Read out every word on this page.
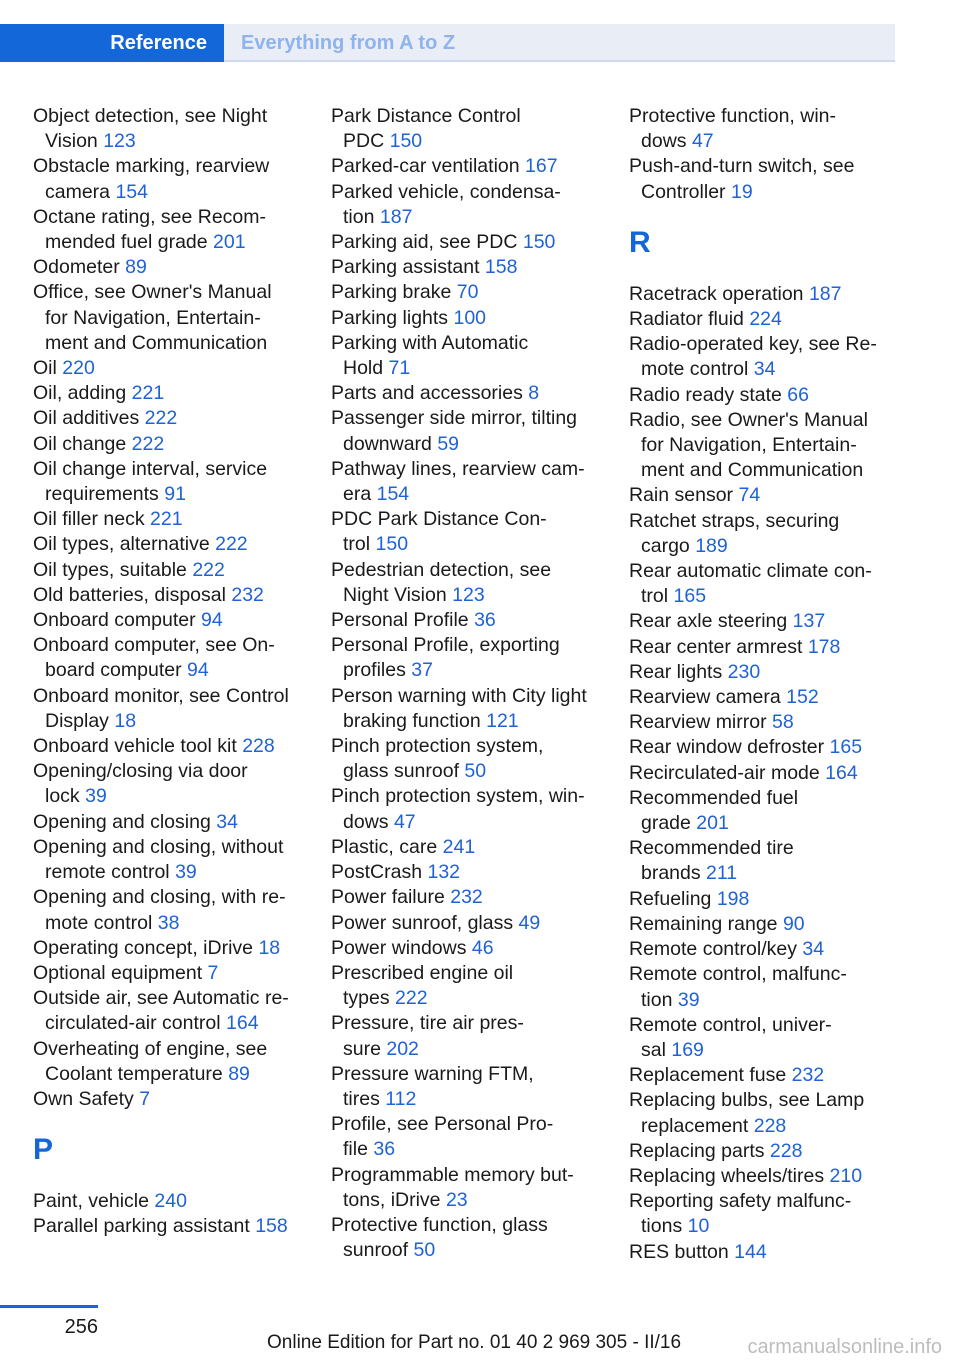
Reference	Everything from A to Z
Object detection, see Night
Vision 123
Obstacle marking, rearview
camera 154
Octane rating, see Recom-
mended fuel grade 201
Odometer 89
Office, see Owner's Manual
for Navigation, Entertain-
ment and Communication
Oil 220
Oil, adding 221
Oil additives 222
Oil change 222
Oil change interval, service
requirements 91
Oil filler neck 221
Oil types, alternative 222
Oil types, suitable 222
Old batteries, disposal 232
Onboard computer 94
Onboard computer, see On-
board computer 94
Onboard monitor, see Control
Display 18
Onboard vehicle tool kit 228
Opening/closing via door
lock 39
Opening and closing 34
Opening and closing, without
remote control 39
Opening and closing, with re-
mote control 38
Operating concept, iDrive 18
Optional equipment 7
Outside air, see Automatic re-
circulated-air control 164
Overheating of engine, see
Coolant temperature 89
Own Safety 7
P
Paint, vehicle 240
Parallel parking assistant 158
Park Distance Control
PDC 150
Parked-car ventilation 167
Parked vehicle, condensa-
tion 187
Parking aid, see PDC 150
Parking assistant 158
Parking brake 70
Parking lights 100
Parking with Automatic
Hold 71
Parts and accessories 8
Passenger side mirror, tilting
downward 59
Pathway lines, rearview cam-
era 154
PDC Park Distance Con-
trol 150
Pedestrian detection, see
Night Vision 123
Personal Profile 36
Personal Profile, exporting
profiles 37
Person warning with City light
braking function 121
Pinch protection system,
glass sunroof 50
Pinch protection system, win-
dows 47
Plastic, care 241
PostCrash 132
Power failure 232
Power sunroof, glass 49
Power windows 46
Prescribed engine oil
types 222
Pressure, tire air pres-
sure 202
Pressure warning FTM,
tires 112
Profile, see Personal Pro-
file 36
Programmable memory but-
tons, iDrive 23
Protective function, glass
sunroof 50
Protective function, win-
dows 47
Push-and-turn switch, see
Controller 19
R
Racetrack operation 187
Radiator fluid 224
Radio-operated key, see Re-
mote control 34
Radio ready state 66
Radio, see Owner's Manual
for Navigation, Entertain-
ment and Communication
Rain sensor 74
Ratchet straps, securing
cargo 189
Rear automatic climate con-
trol 165
Rear axle steering 137
Rear center armrest 178
Rear lights 230
Rearview camera 152
Rearview mirror 58
Rear window defroster 165
Recirculated-air mode 164
Recommended fuel
grade 201
Recommended tire
brands 211
Refueling 198
Remaining range 90
Remote control/key 34
Remote control, malfunc-
tion 39
Remote control, univer-
sal 169
Replacement fuse 232
Replacing bulbs, see Lamp
replacement 228
Replacing parts 228
Replacing wheels/tires 210
Reporting safety malfunc-
tions 10
RES button 144
256
Online Edition for Part no. 01 40 2 969 305 - II/16	carmanualsonline.info
